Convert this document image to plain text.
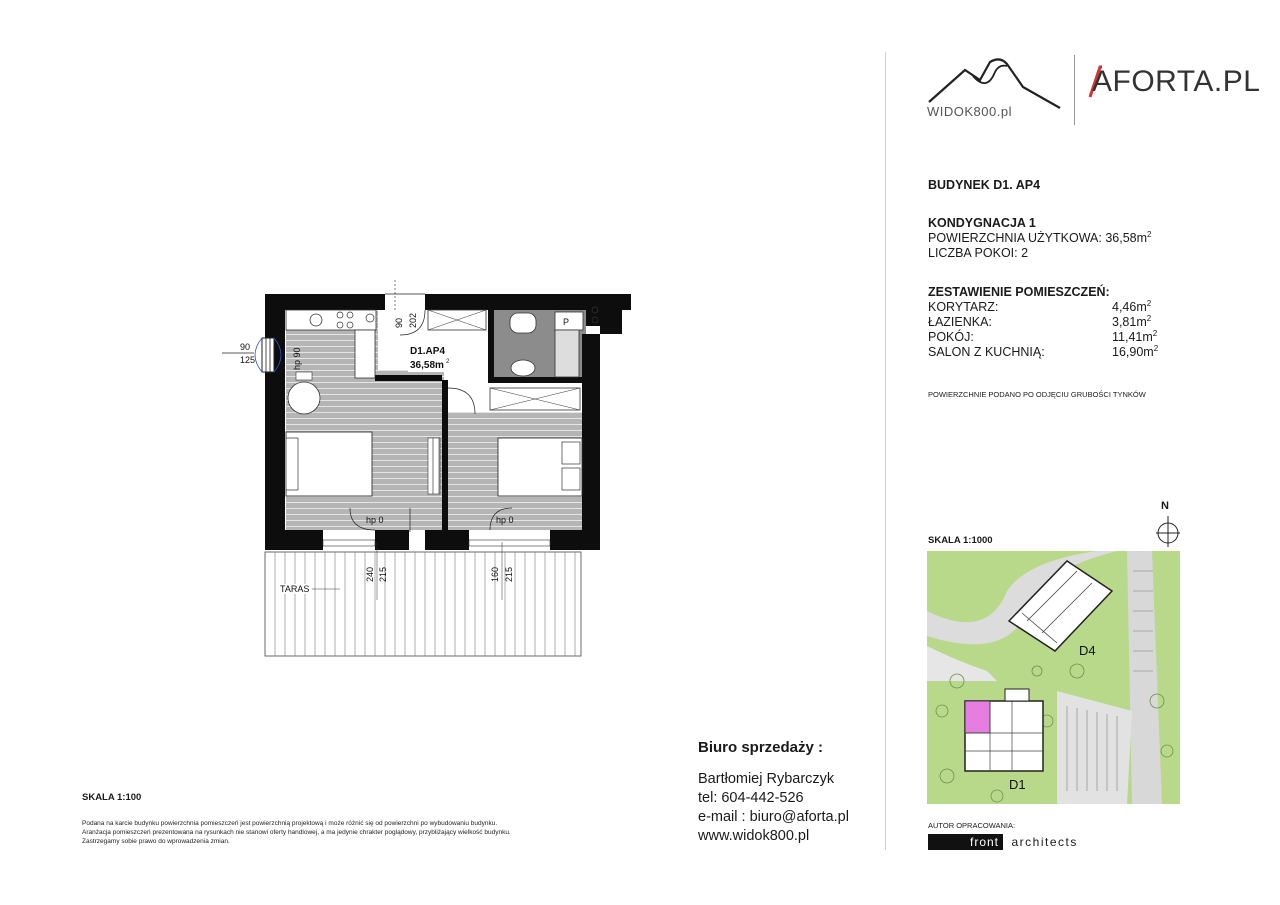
WIDOK800.pl
AFORTA.PL
BUDYNEK D1. AP4
KONDYGNACJA 1
POWIERZCHNIA UŻYTKOWA: $36,58m^2$
LICZBA POKOI: 2
ZESTAWIENIE POMIESZCZEŃ:
KORYTARZ:	$4,46m^2$
ŁAZIENKA:	$3,81m^2$
POKÓJ:	$11,41m^2$
SALON Z KUCHNIĄ:	$16,90m^2$
POWIERZCHNIE PODANO PO ODJĘCIU GRUBOŚCI TYNKÓW
SKALA 1:1000
N
D4
D1
AUTOR OPRACOWANIA:
front architects
Biuro sprzedaży :
Bartłomiej Rybarczyk
tel: 604-442-526
e-mail : biuro@aforta.pl
www.widok800.pl
SKALA 1:100
Podana na karcie budynku powierzchnia pomieszczeń jest powierzchnią projektową i może różnić się od powierzchni po wybudowaniu budynku.
Aranżacja pomieszczeń prezentowana na rysunkach nie stanowi oferty handlowej, a ma jedynie chrakter poglądowy, przybliżający wielkość budynku.
Zastrzegamy sobie prawo do wprowadzenia zmian.
P
TARAS
D1.AP4
36,58m 2
90
125	hp 90
90 202
hp 0	hp 0
240 215	160 215
